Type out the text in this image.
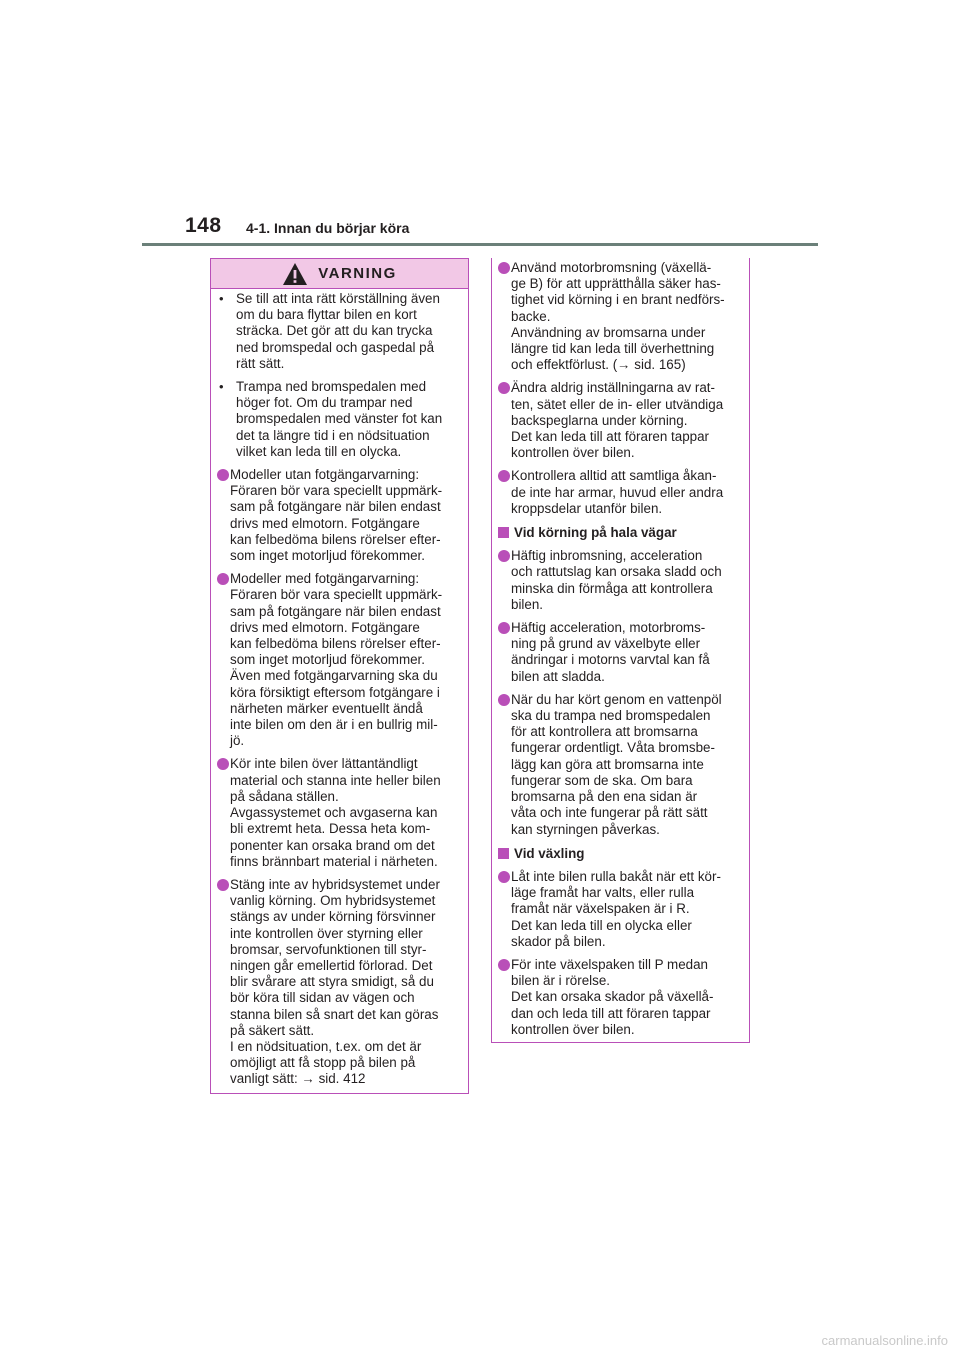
148 4-1. Innan du börjar köra
VARNING
• Se till att inta rätt körställning även
om du bara flyttar bilen en kort
sträcka. Det gör att du kan trycka
ned bromspedal och gaspedal på
rätt sätt.
• Trampa ned bromspedalen med
höger fot. Om du trampar ned
bromspedalen med vänster fot kan
det ta längre tid i en nödsituation
vilket kan leda till en olycka.
Modeller utan fotgängarvarning:
Föraren bör vara speciellt uppmärk-
sam på fotgängare när bilen endast
drivs med elmotorn. Fotgängare
kan felbedöma bilens rörelser efter-
som inget motorljud förekommer.
Modeller med fotgängarvarning:
Föraren bör vara speciellt uppmärk-
sam på fotgängare när bilen endast
drivs med elmotorn. Fotgängare
kan felbedöma bilens rörelser efter-
som inget motorljud förekommer.
Även med fotgängarvarning ska du
köra försiktigt eftersom fotgängare i
närheten märker eventuellt ändå
inte bilen om den är i en bullrig mil-
jö.
Kör inte bilen över lättantändligt
material och stanna inte heller bilen
på sådana ställen.
Avgassystemet och avgaserna kan
bli extremt heta. Dessa heta kom-
ponenter kan orsaka brand om det
finns brännbart material i närheten.
Stäng inte av hybridsystemet under
vanlig körning. Om hybridsystemet
stängs av under körning försvinner
inte kontrollen över styrning eller
bromsar, servofunktionen till styr-
ningen går emellertid förlorad. Det
blir svårare att styra smidigt, så du
bör köra till sidan av vägen och
stanna bilen så snart det kan göras
på säkert sätt.
I en nödsituation, t.ex. om det är
omöjligt att få stopp på bilen på
vanligt sätt: → sid. 412
Använd motorbromsning (växellä-
ge B) för att upprätthålla säker has-
tighet vid körning i en brant nedförs-
backe.
Användning av bromsarna under
längre tid kan leda till överhettning
och effektförlust. (→ sid. 165)
Ändra aldrig inställningarna av rat-
ten, sätet eller de in- eller utvändiga
backspeglarna under körning.
Det kan leda till att föraren tappar
kontrollen över bilen.
Kontrollera alltid att samtliga åkan-
de inte har armar, huvud eller andra
kroppsdelar utanför bilen.
Vid körning på hala vägar
Häftig inbromsning, acceleration
och rattutslag kan orsaka sladd och
minska din förmåga att kontrollera
bilen.
Häftig acceleration, motorbroms-
ning på grund av växelbyte eller
ändringar i motorns varvtal kan få
bilen att sladda.
När du har kört genom en vattenpöl
ska du trampa ned bromspedalen
för att kontrollera att bromsarna
fungerar ordentligt. Våta bromsbe-
lägg kan göra att bromsarna inte
fungerar som de ska. Om bara
bromsarna på den ena sidan är
våta och inte fungerar på rätt sätt
kan styrningen påverkas.
Vid växling
Låt inte bilen rulla bakåt när ett kör-
läge framåt har valts, eller rulla
framåt när växelspaken är i R.
Det kan leda till en olycka eller
skador på bilen.
För inte växelspaken till P medan
bilen är i rörelse.
Det kan orsaka skador på växellå-
dan och leda till att föraren tappar
kontrollen över bilen.
carmanualsonline.info
